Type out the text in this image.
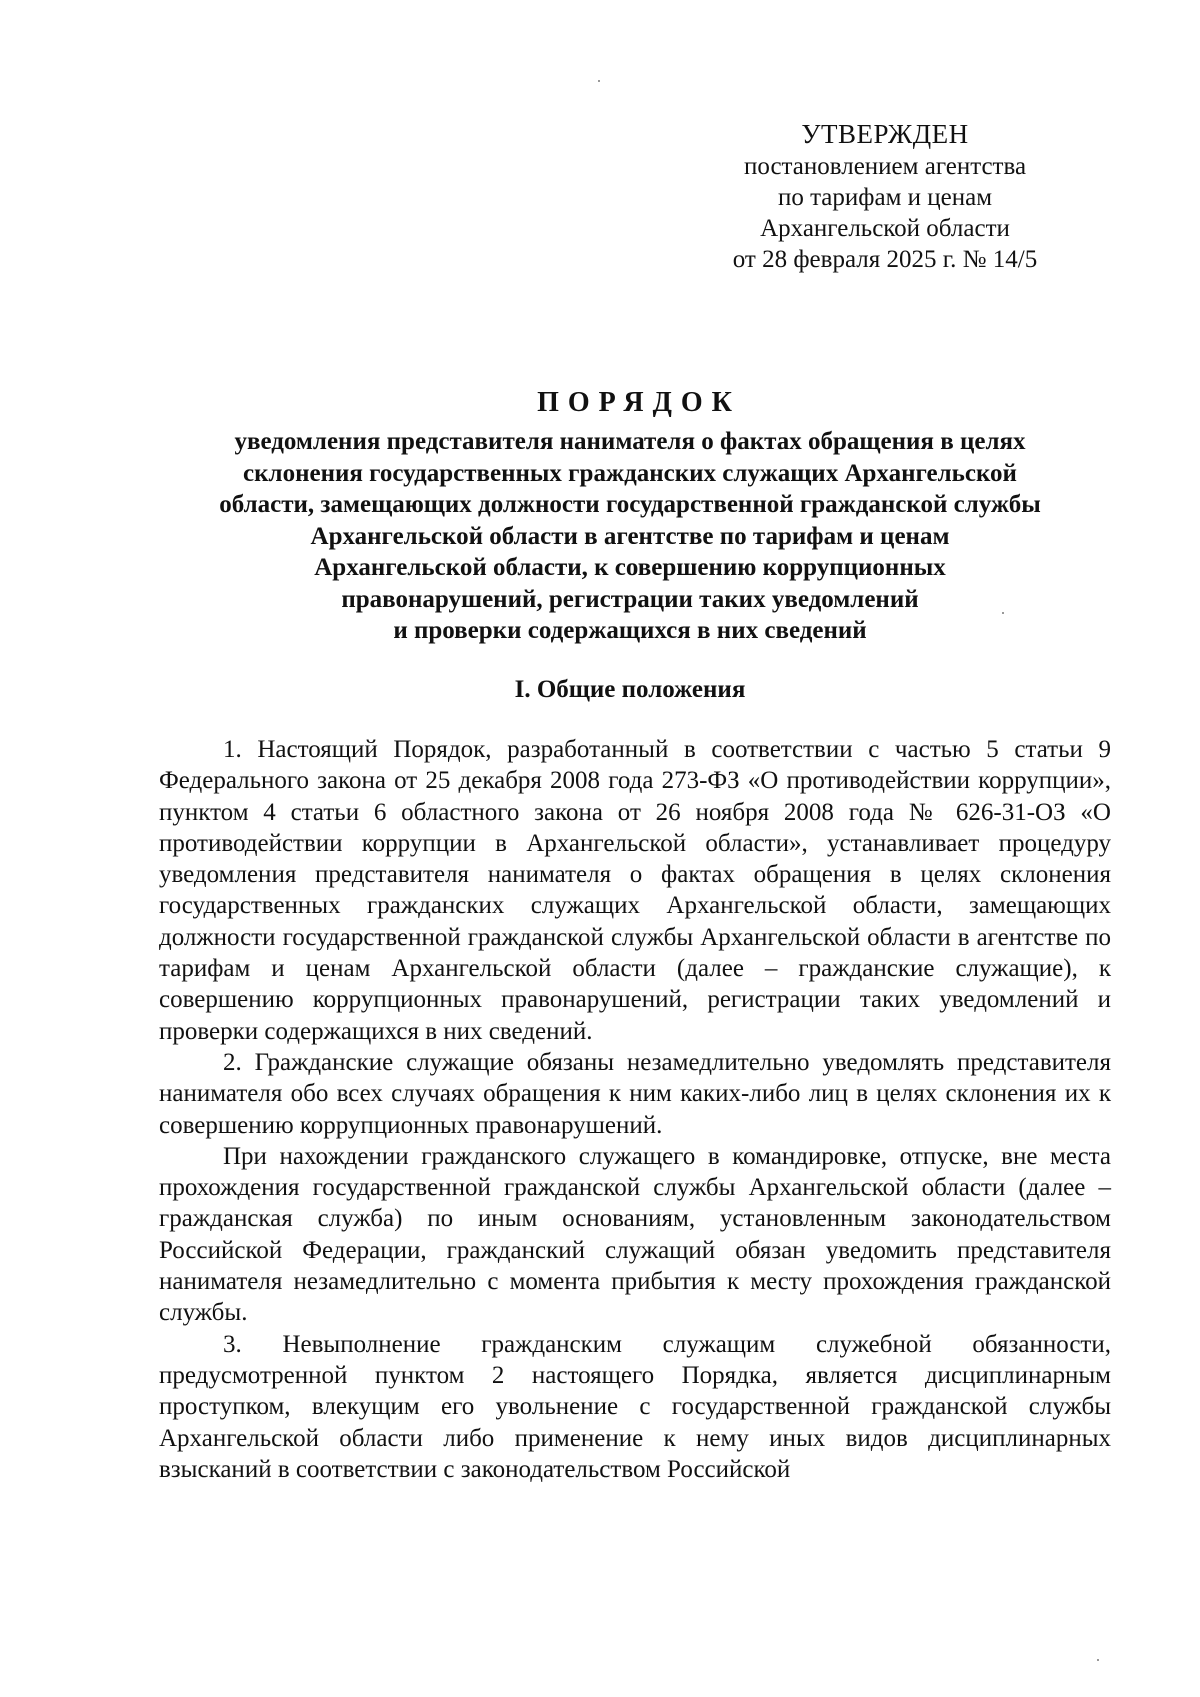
УТВЕРЖДЕН
постановлением агентства
по тарифам и ценам
Архангельской области
от 28 февраля 2025 г. № 14/5
ПОРЯДОК
уведомления представителя нанимателя о фактах обращения в целях
склонения государственных гражданских служащих Архангельской
области, замещающих должности государственной гражданской службы
Архангельской области в агентстве по тарифам и ценам
Архангельской области, к совершению коррупционных
правонарушений, регистрации таких уведомлений
и проверки содержащихся в них сведений
I. Общие положения

1. Настоящий Порядок, разработанный в соответствии с частью 5 статьи 9 Федерального закона от 25 декабря 2008 года 273-ФЗ «О противодействии коррупции», пунктом 4 статьи 6 областного закона от 26 ноября 2008 года № 626-31-ОЗ «О противодействии коррупции в Архангельской области», устанавливает процедуру уведомления представителя нанимателя о фактах обращения в целях склонения государственных гражданских служащих Архангельской области, замещающих должности государственной гражданской службы Архангельской области в агентстве по тарифам и ценам Архангельской области (далее – гражданские служащие), к совершению коррупционных правонарушений, регистрации таких уведомлений и проверки содержащихся в них сведений.

2. Гражданские служащие обязаны незамедлительно уведомлять представителя нанимателя обо всех случаях обращения к ним каких-либо лиц в целях склонения их к совершению коррупционных правонарушений.

При нахождении гражданского служащего в командировке, отпуске, вне места прохождения государственной гражданской службы Архангельской области (далее – гражданская служба) по иным основаниям, установленным законодательством Российской Федерации, гражданский служащий обязан уведомить представителя нанимателя незамедлительно с момента прибытия к месту прохождения гражданской службы.

3. Невыполнение гражданским служащим служебной обязанности, предусмотренной пунктом 2 настоящего Порядка, является дисциплинарным проступком, влекущим его увольнение с государственной гражданской службы Архангельской области либо применение к нему иных видов дисциплинарных взысканий в соответствии с законодательством Российской
